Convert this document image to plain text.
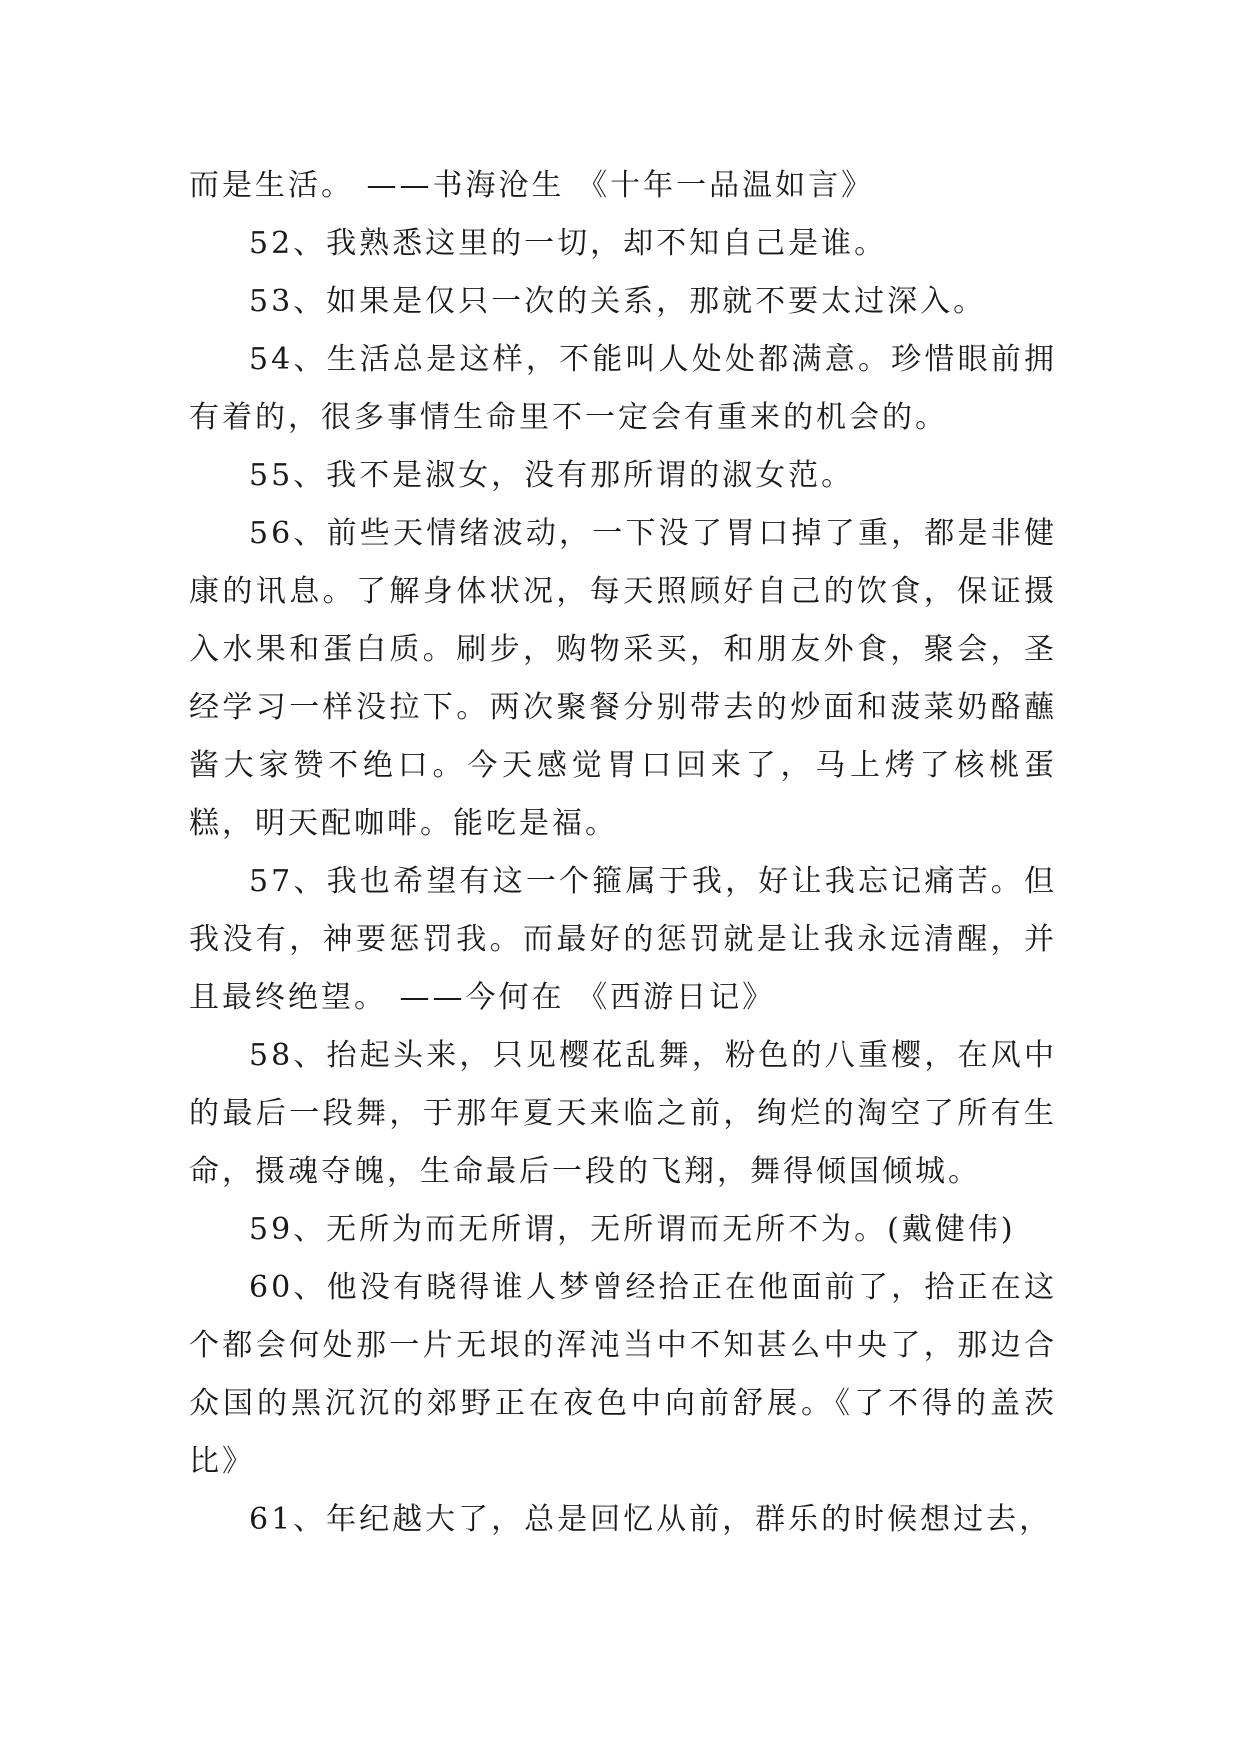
而是生活。 ——书海沧生 《十年一品温如言》

52、我熟悉这里的一切，却不知自己是谁。

53、如果是仅只一次的关系，那就不要太过深入。

54、生活总是这样，不能叫人处处都满意。珍惜眼前拥有着的，很多事情生命里不一定会有重来的机会的。

55、我不是淑女，没有那所谓的淑女范。

56、前些天情绪波动，一下没了胃口掉了重，都是非健康的讯息。了解身体状况，每天照顾好自己的饮食，保证摄入水果和蛋白质。刷步，购物采买，和朋友外食，聚会，圣经学习一样没拉下。两次聚餐分别带去的炒面和菠菜奶酪蘸酱大家赞不绝口。今天感觉胃口回来了，马上烤了核桃蛋糕，明天配咖啡。能吃是福。

57、我也希望有这一个箍属于我，好让我忘记痛苦。但我没有，神要惩罚我。而最好的惩罚就是让我永远清醒，并且最终绝望。 ——今何在 《西游日记》

58、抬起头来，只见樱花乱舞，粉色的八重樱，在风中的最后一段舞，于那年夏天来临之前，绚烂的淘空了所有生命，摄魂夺魄，生命最后一段的飞翔，舞得倾国倾城。

59、无所为而无所谓，无所谓而无所不为。(戴健伟)

60、他没有晓得谁人梦曾经拾正在他面前了，拾正在这个都会何处那一片无垠的浑沌当中不知甚么中央了，那边合众国的黑沉沉的郊野正在夜色中向前舒展。《了不得的盖茨比》

61、年纪越大了，总是回忆从前，群乐的时候想过去，
